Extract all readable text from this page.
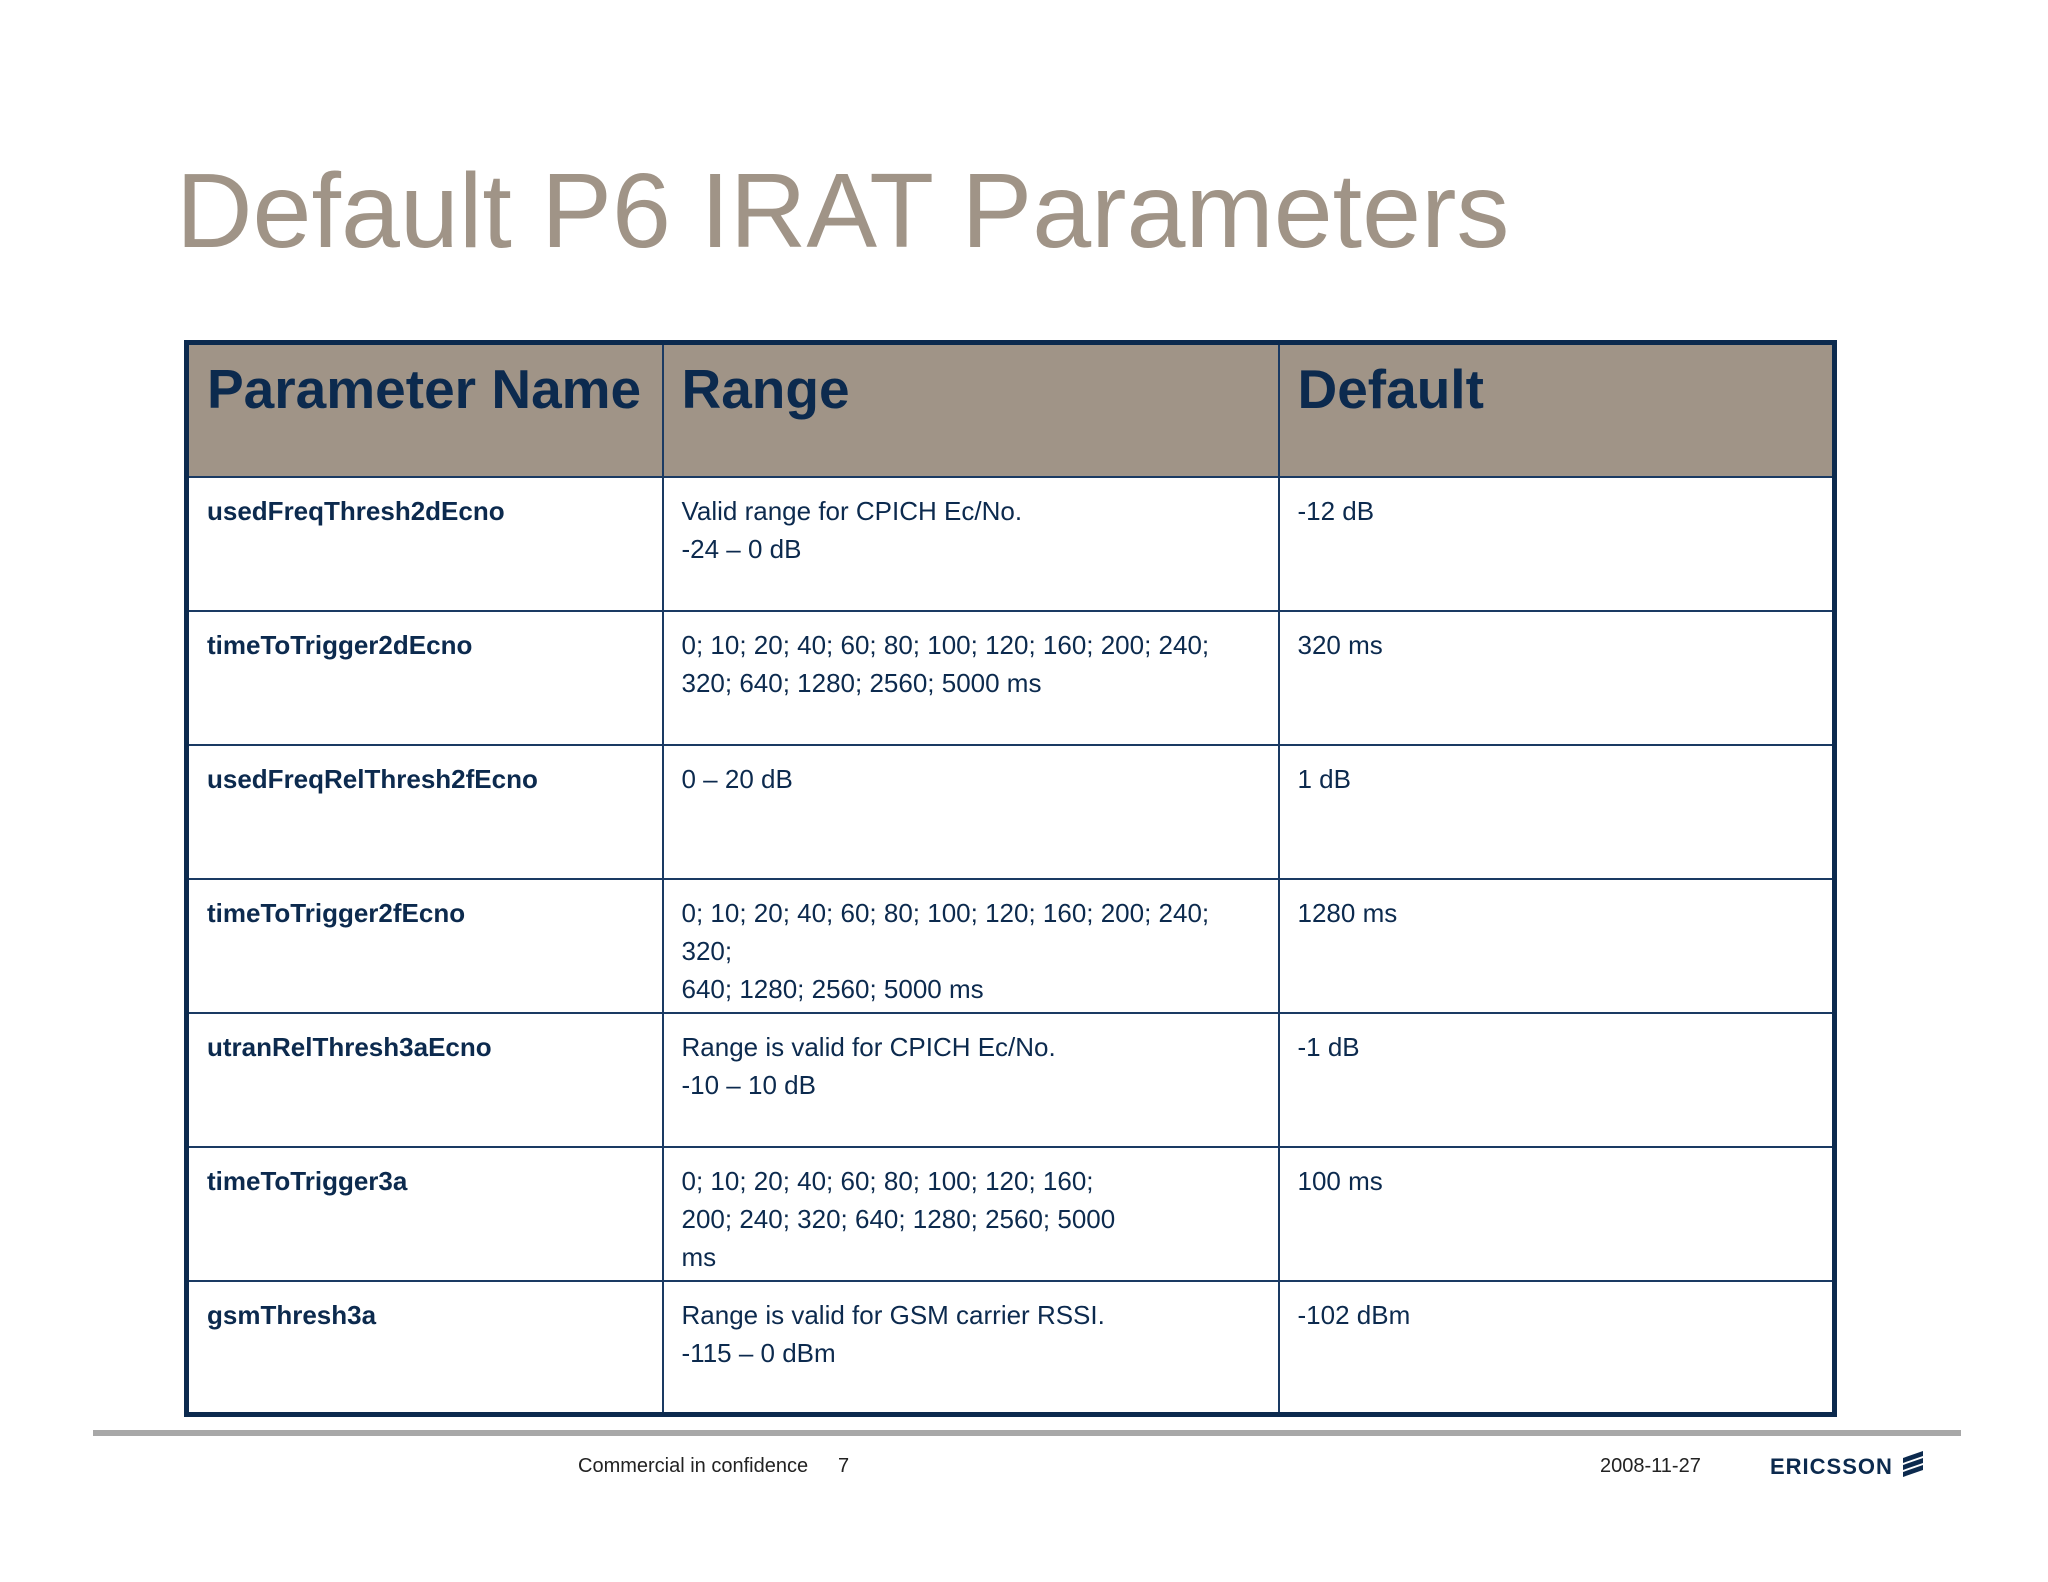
Default P6 IRAT Parameters
Parameter Name	Range	Default
usedFreqThresh2dEcno	Valid range for CPICH Ec/No.
-24 – 0 dB	-12 dB
timeToTrigger2dEcno	0; 10; 20; 40; 60; 80; 100; 120; 160; 200; 240;
320; 640; 1280; 2560; 5000 ms	320 ms
usedFreqRelThresh2fEcno	0 – 20 dB	1 dB
timeToTrigger2fEcno	0; 10; 20; 40; 60; 80; 100; 120; 160; 200; 240; 320;
640; 1280; 2560; 5000 ms	1280 ms
utranRelThresh3aEcno	Range is valid for CPICH Ec/No.
-10 – 10 dB	-1 dB
timeToTrigger3a	0; 10; 20; 40; 60; 80; 100; 120; 160;
200; 240; 320; 640; 1280; 2560; 5000
ms	100 ms
gsmThresh3a	Range is valid for GSM carrier RSSI.
-115 – 0 dBm	-102 dBm
Commercial in confidence 7	2008-11-27	ERICSSON
